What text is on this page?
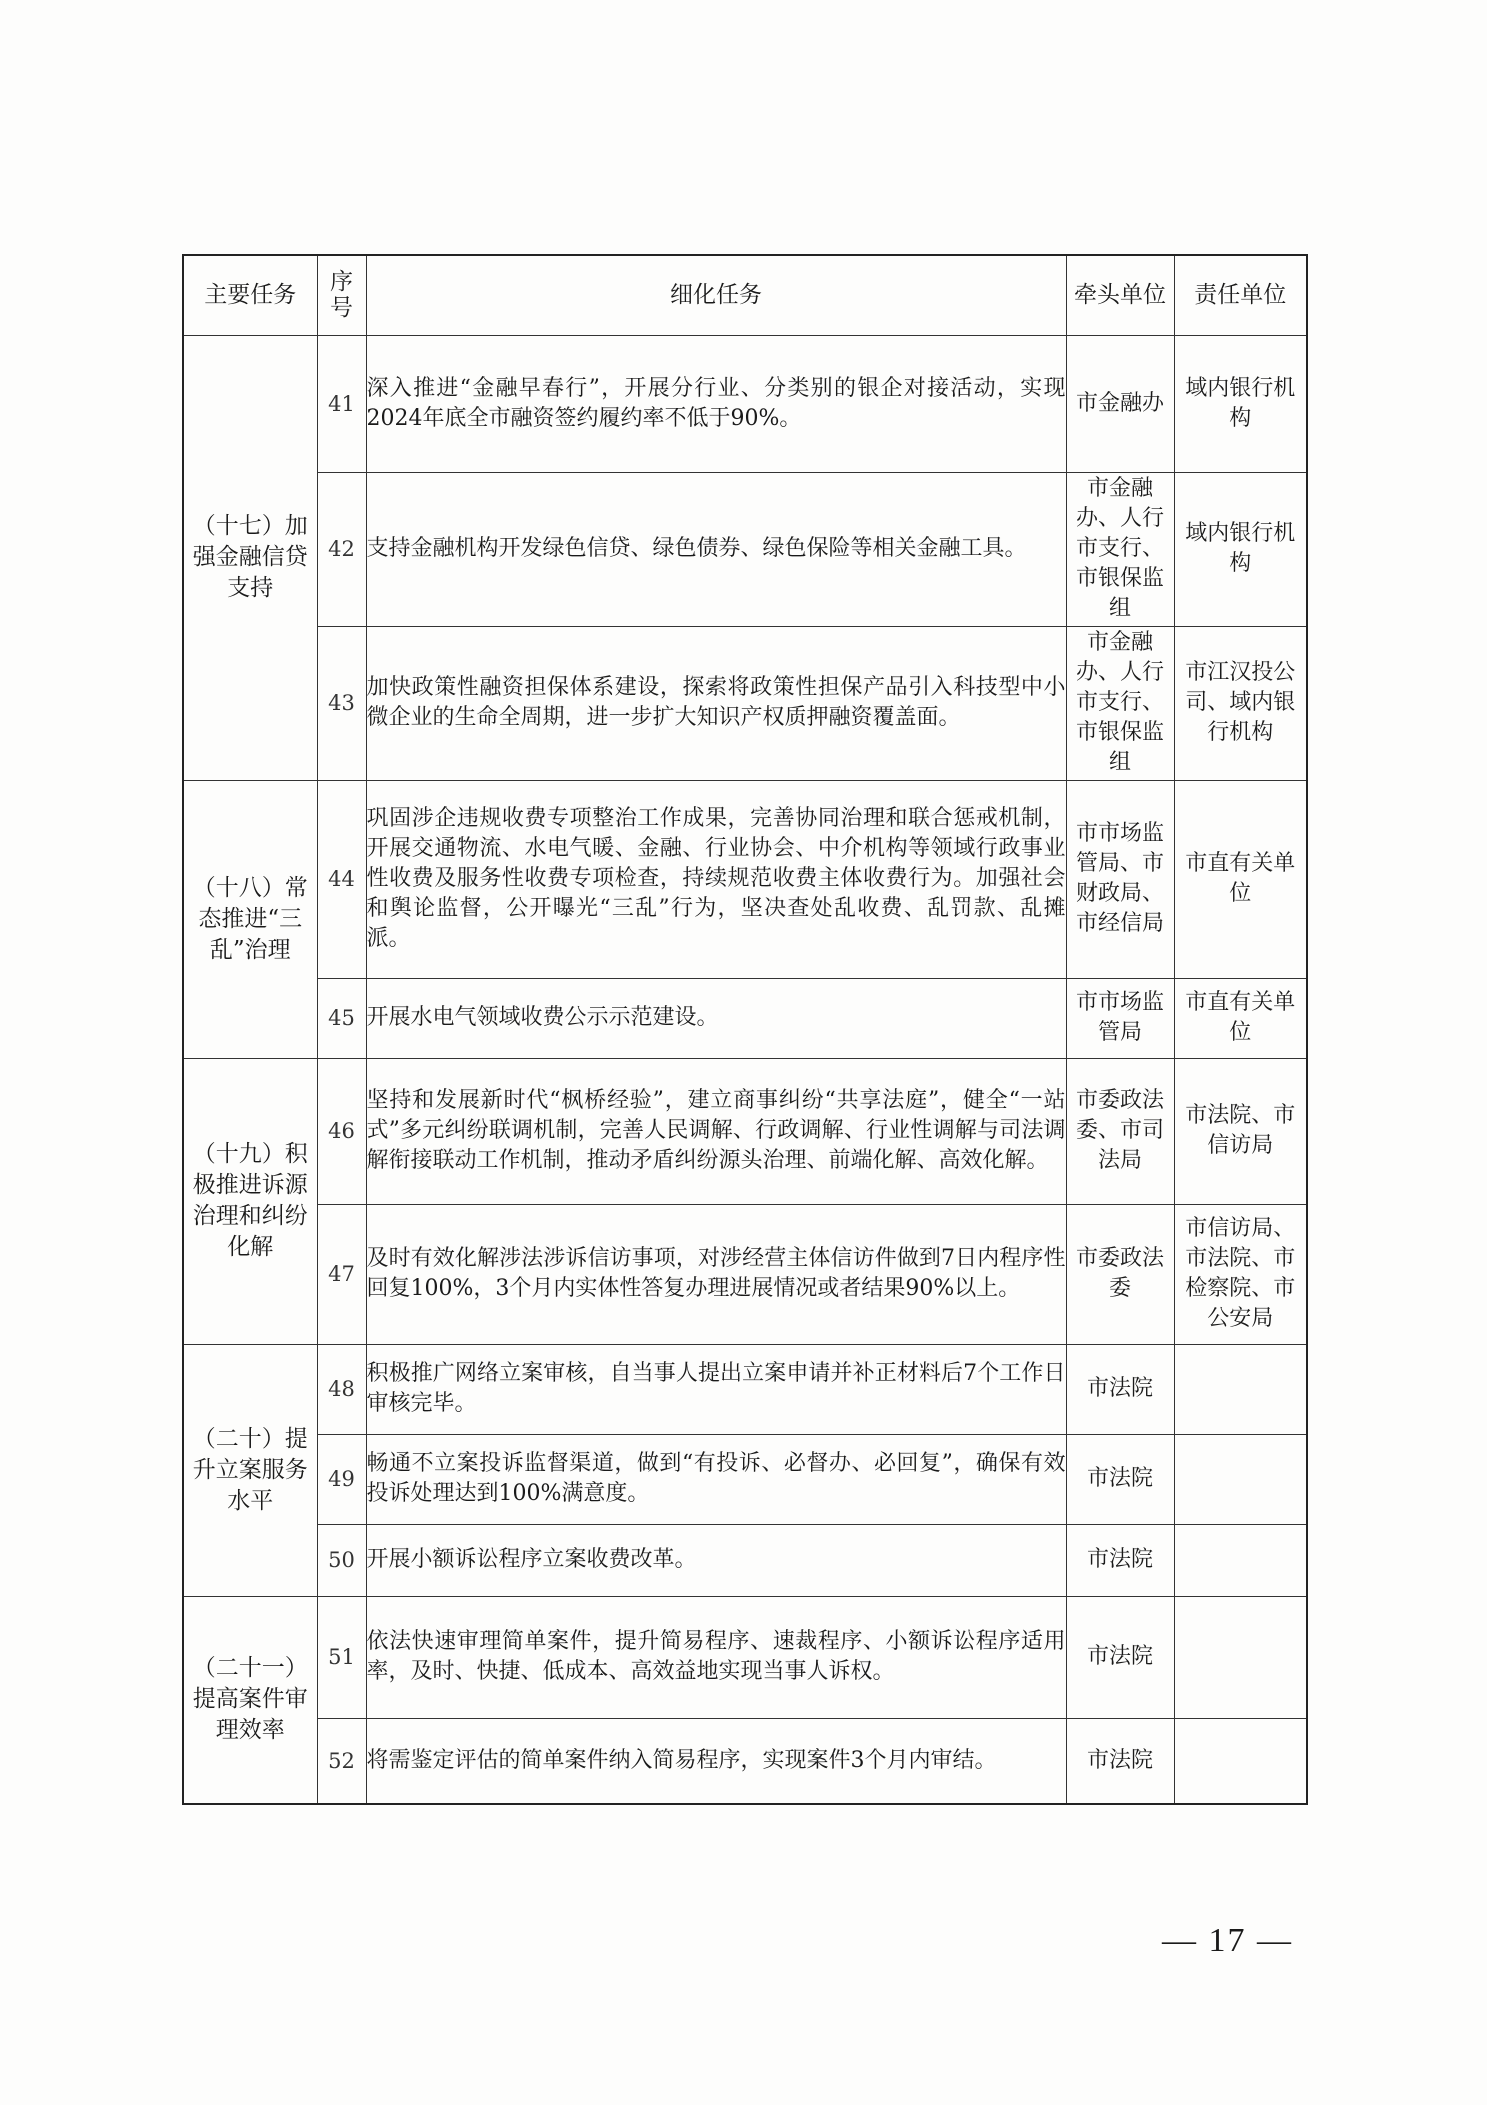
主要任务	序号	细化任务	牵头单位	责任单位
（十七）加强金融信贷支持	41	深入推进“金融早春行”，开展分行业、分类别的银企对接活动，实现2024年底全市融资签约履约率不低于90%。	市金融办	域内银行机构
	42	支持金融机构开发绿色信贷、绿色债券、绿色保险等相关金融工具。	市金融办、人行市支行、市银保监组	域内银行机构
	43	加快政策性融资担保体系建设，探索将政策性担保产品引入科技型中小微企业的生命全周期，进一步扩大知识产权质押融资覆盖面。	市金融办、人行市支行、市银保监组	市江汉投公司、域内银行机构
（十八）常态推进“三乱”治理	44	巩固涉企违规收费专项整治工作成果，完善协同治理和联合惩戒机制，开展交通物流、水电气暖、金融、行业协会、中介机构等领域行政事业性收费及服务性收费专项检查，持续规范收费主体收费行为。加强社会和舆论监督，公开曝光“三乱”行为，坚决查处乱收费、乱罚款、乱摊派。	市市场监管局、市财政局、市经信局	市直有关单位
	45	开展水电气领域收费公示示范建设。	市市场监管局	市直有关单位
（十九）积极推进诉源治理和纠纷化解	46	坚持和发展新时代“枫桥经验”，建立商事纠纷“共享法庭”，健全“一站式”多元纠纷联调机制，完善人民调解、行政调解、行业性调解与司法调解衔接联动工作机制，推动矛盾纠纷源头治理、前端化解、高效化解。	市委政法委、市司法局	市法院、市信访局
	47	及时有效化解涉法涉诉信访事项，对涉经营主体信访件做到7日内程序性回复100%，3个月内实体性答复办理进展情况或者结果90%以上。	市委政法委	市信访局、市法院、市检察院、市公安局
（二十）提升立案服务水平	48	积极推广网络立案审核，自当事人提出立案申请并补正材料后7个工作日审核完毕。	市法院	
	49	畅通不立案投诉监督渠道，做到“有投诉、必督办、必回复”，确保有效投诉处理达到100%满意度。	市法院	
	50	开展小额诉讼程序立案收费改革。	市法院	
（二十一）提高案件审理效率	51	依法快速审理简单案件，提升简易程序、速裁程序、小额诉讼程序适用率，及时、快捷、低成本、高效益地实现当事人诉权。	市法院	
	52	将需鉴定评估的简单案件纳入简易程序，实现案件3个月内审结。	市法院	
— 17 —
